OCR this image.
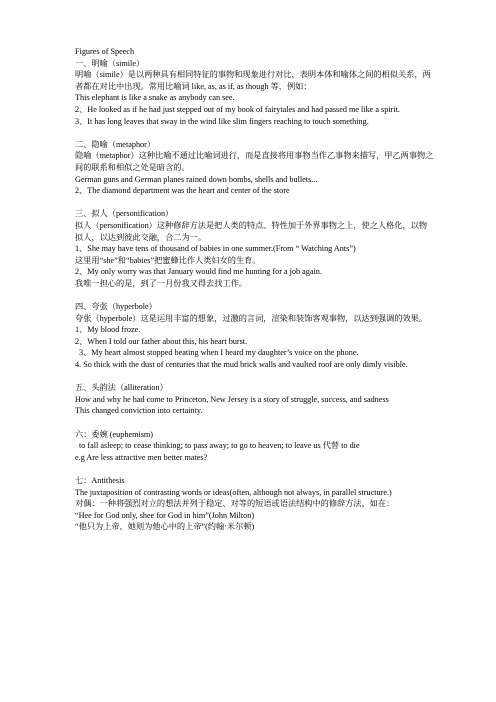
Figures of Speech
一、明喻（simile）
明喻（simile）是以两种具有相同特征的事物和现象进行对比，表明本体和喻体之间的相似关系，两者都在对比中出现。常用比喻词 like, as, as if, as though 等，例如：
This elephant is like a snake as anybody can see.
2、He looked as if he had just stepped out of my book of fairytales and had passed me like a spirit.
3、It has long leaves that sway in the wind like slim fingers reaching to touch something.
二、隐喻（metaphor）
隐喻（metaphor）这种比喻不通过比喻词进行，而是直接将用事物当作乙事物来描写，甲乙两事物之间的联系和相似之处是暗含的。
German guns and German planes rained down bombs, shells and bullets...
2、The diamond department was the heart and center of the store
三、拟人（personification）
拟人（personification）这种修辞方法是把人类的特点、特性加于外界事物之上，使之人格化，以物拟人，以达到彼此交融，合二为一。
1、She may have tens of thousand of babies in one summer.(From “ Watching Ants”)
这里用“she”和“babies”把蜜蜂比作人类妇女的生育。
2、My only worry was that January would find me hunting for a job again.
我唯一担心的是，到了一月份我又得去找工作。
四、夸张（hyperbole）
夸张（hyperbole）这是运用丰富的想象，过激的言词，渲染和装饰客观事物，以达到强调的效果。
1、My blood froze.
2、When I told our father about this, his heart burst.
3、My heart almost stopped beating when I heard my daughter’s voice on the phone.
4. So thick with the dust of centuries that the mud brick walls and vaulted roof are only dimly visible.
五、头韵法（alliteration）
How and why he had come to Princeton, New Jersey is a story of struggle, success, and sadness
This changed conviction into certainty.
六：委婉 (euphemism)
to fall asleep; to cease thinking; to pass away; to go to heaven; to leave us 代替 to die
e.g Are less attractive men better mates?
七：Antithesis
The juxtaposition of contrasting words or ideas(often, although not always, in parallel structure.)
对偶：一种将强烈对立的想法并列于稳定、对等的短语或语法结构中的修辞方法，如在：
“Hee for God only, shee for God in him”(John Milton)
“他只为上帝，她则为他心中的上帝”(约翰·米尔顿)
